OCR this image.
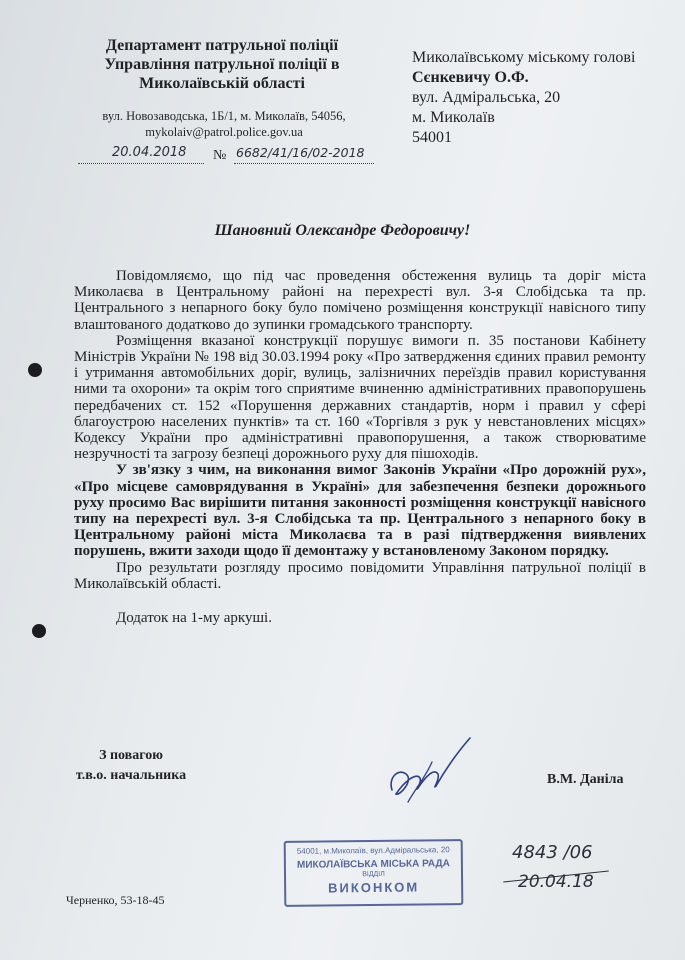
Департамент патрульної поліції
Управління патрульної поліції в
Миколаївській області
вул. Новозаводська, 1Б/1, м. Миколаїв, 54056,
mykolaiv@patrol.police.gov.ua
20.04.2018 № 6682/41/16/02-2018
Миколаївському міському голові
Сєнкевичу О.Ф.
вул. Адміральська, 20
м. Миколаїв
54001
Шановний Олександре Федоровичу!

Повідомляємо, що під час проведення обстеження вулиць та доріг міста Миколаєва в Центральному районі на перехресті вул. 3-я Слобідська та пр. Центрального з непарного боку було помічено розміщення конструкції навісного типу влаштованого додатково до зупинки громадського транспорту.

Розміщення вказаної конструкції порушує вимоги п. 35 постанови Кабінету Міністрів України № 198 від 30.03.1994 року «Про затвердження єдиних правил ремонту і утримання автомобільних доріг, вулиць, залізничних переїздів правил користування ними та охорони» та окрім того сприятиме вчиненню адміністративних правопорушень передбачених ст. 152 «Порушення державних стандартів, норм і правил у сфері благоустрою населених пунктів» та ст. 160 «Торгівля з рук у невстановлених місцях» Кодексу України про адміністративні правопорушення, а також створюватиме незручності та загрозу безпеці дорожнього руху для пішоходів.

У зв'язку з чим, на виконання вимог Законів України «Про дорожній рух», «Про місцеве самоврядування в Україні» для забезпечення безпеки дорожнього руху просимо Вас вирішити питання законності розміщення конструкції навісного типу на перехресті вул. 3-я Слобідська та пр. Центрального з непарного боку в Центральному районі міста Миколаєва та в разі підтвердження виявлених порушень, вжити заходи щодо її демонтажу у встановленому Законом порядку.

Про результати розгляду просимо повідомити Управління патрульної поліції в Миколаївській області.

Додаток на 1-му аркуші.

З повагою
т.в.о. начальника	В.М. Даніла
54001, м.Миколаїв, вул.Адміральська, 20
МИКОЛАЇВСЬКА МІСЬКА РАДА
ВІДДІЛ
ВИКОНКОМ
4843 /06
20.04.18
Черненко, 53-18-45
